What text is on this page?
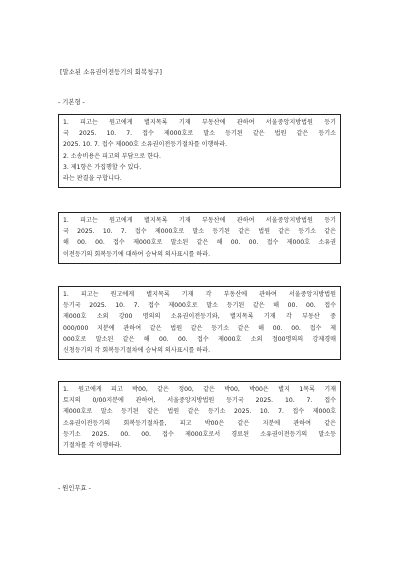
[말소된 소유권이전등기의 회복청구]
- 기본형 -

1. 피고는 원고에게 별지목록 기재 부동산에 관하여 서울중앙지방법원 등기

국 2025. 10. 7. 접수 제000호로 말소 등기된 같은 법원 같은 등기소

2025. 10. 7. 접수 제000호 소유권이전등기절차를 이행하라.

2. 소송비용은 피고의 부담으로 한다.

3. 제1항은 가집행할 수 있다.

라는 판결을 구합니다.

1. 피고는 원고에게 별지목록 기재 부동산에 관하여 서울중앙지방법원 등기

국 2025. 10. 7. 접수 제000호로 말소 등기된 같은 법원 같은 등기소 같은

해 00. 00. 접수 제000호로 말소된 같은 해 00. 00. 접수 제000호 소유권

이전등기의 회복등기에 대하여 승낙의 의사표시를 하라.

1. 피고는 원고에게 별지목록 기재 각 부동산에 관하여 서울중앙지방법원

등기국 2025. 10. 7. 접수 제000호로 말소 등기된 같은 해 00. 00. 접수

제000호 소외 강00 명의의 소유권이전등기와, 별지목록 기재 각 부동산 중

000/000 지분에 관하여 같은 법원 같은 등기소 같은 해 00. 00. 접수 제

000호로 말소된 같은 해 00. 00. 접수 제000호 소외 정00명의의 강제경매

신청등기의 각 회복등기절차에 승낙의 의사표시를 하라.

1. 원고에게 피고 박00, 같은 정00, 같은 박00, 박00은 별지 1목록 기재

토지의 0/00지분에 관하여, 서울중앙지방법원 등기국 2025. 10. 7. 접수

제000호로 말소 등기된 같은 법원 같은 등기소 2025. 10. 7. 접수 제000호

소유권이전등기의 회복등기절차를, 피고 박00은 같은 지분에 관하여 같은

등기소 2025. 00. 00. 접수 제000호로서 경료된 소유권이전등기의 말소등

기절차를 각 이행하라.

- 원인무효 -
